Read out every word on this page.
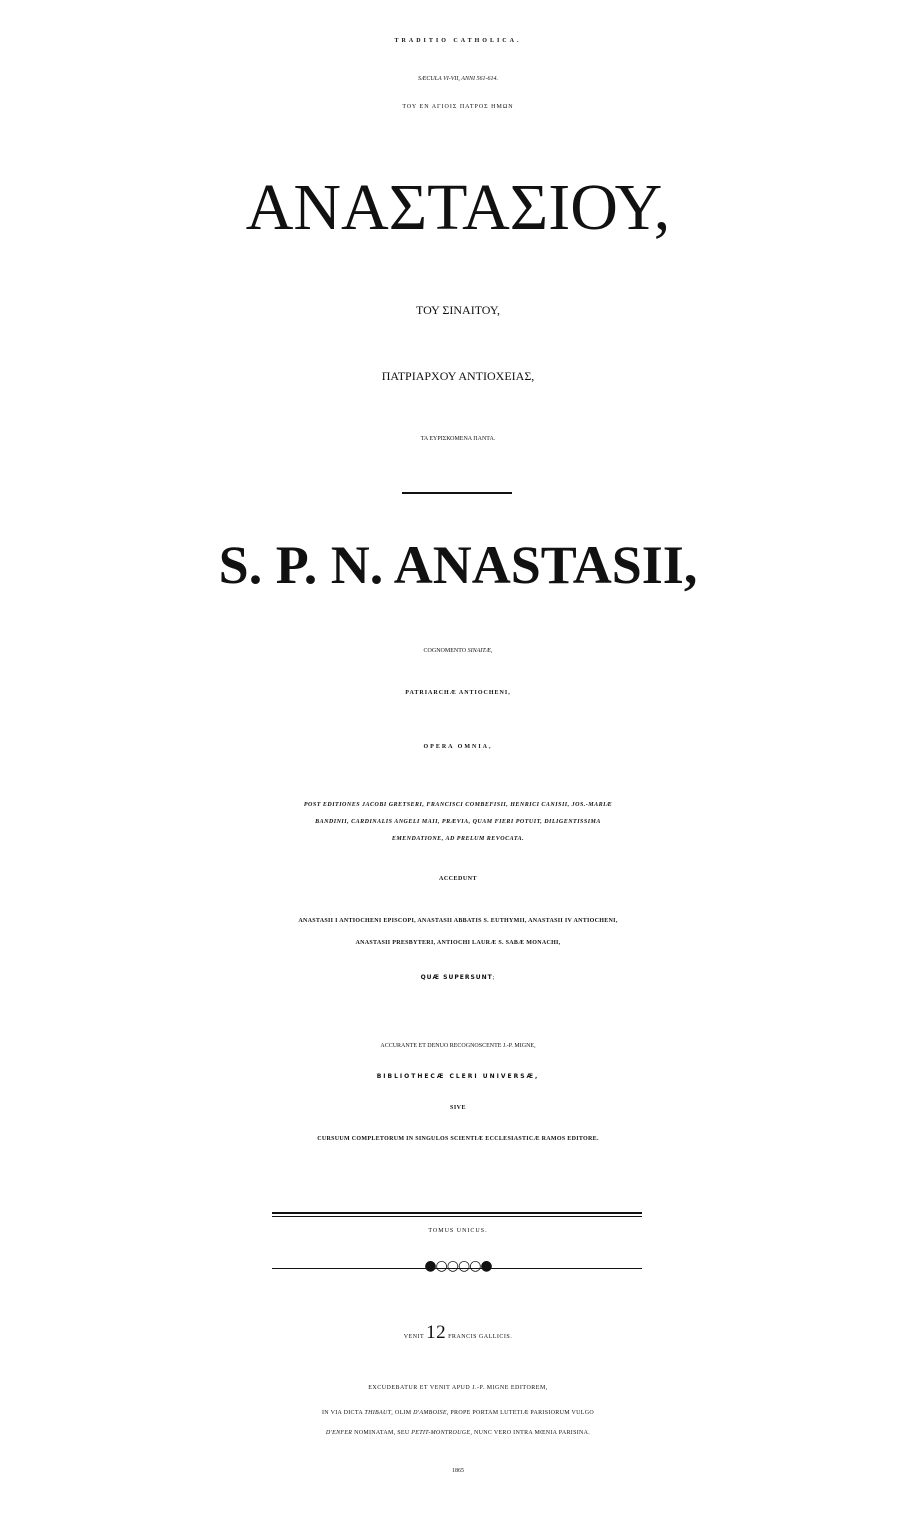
TRADITIO CATHOLICA.
SÆCULA VI-VII, ANNI 561-614.
ΤΟΥ ΕΝ ΑΓΙΟΙΣ ΠΑΤΡΟΣ ΗΜΩΝ
ΑΝΑΣΤΑΣΙΟΥ,
ΤΟΥ ΣΙΝΑΙΤΟΥ,
ΠΑΤΡΙΑΡΧΟΥ ΑΝΤΙΟΧΕΙΑΣ,
ΤΑ ΕΥΡΙΣΚΟΜΕΝΑ ΠΑΝΤΑ.
S. P. N. ANASTASII,
COGNOMENTO SINAITÆ,
PATRIARCHÆ ANTIOCHENI,
OPERA OMNIA,
POST EDITIONES JACOBI GRETSERI, FRANCISCI COMBEFISII, HENRICI CANISII, JOS.-MARIÆ
BANDINII, CARDINALIS ANGELI MAII, PRÆVIA, QUAM FIERI POTUIT, DILIGENTISSIMA
EMENDATIONE, AD PRELUM REVOCATA.
ACCEDUNT
ANASTASII I ANTIOCHENI EPISCOPI, ANASTASII ABBATIS S. EUTHYMII, ANASTASII IV ANTIOCHENI,
ANASTASII PRESBYTERI, ANTIOCHI LAURÆ S. SABÆ MONACHI,
QUÆ SUPERSUNT;
ACCURANTE ET DENUO RECOGNOSCENTE J.-P. MIGNE,
BIBLIOTHECÆ CLERI UNIVERSÆ,
SIVE
CURSUUM COMPLETORUM IN SINGULOS SCIENTIÆ ECCLESIASTICÆ RAMOS EDITORE.
TOMUS UNICUS.
●○○○○●
VENIT 12 FRANCIS GALLICIS.
EXCUDEBATUR ET VENIT APUD J.-P. MIGNE EDITOREM,
IN VIA DICTA THIBAUT, OLIM D'AMBOISE, PROPE PORTAM LUTETIÆ PARISIORUM VULGO
D'ENFER NOMINATAM, SEU PETIT-MONTROUGE, NUNC VERO INTRA MŒNIA PARISINA.
1865
